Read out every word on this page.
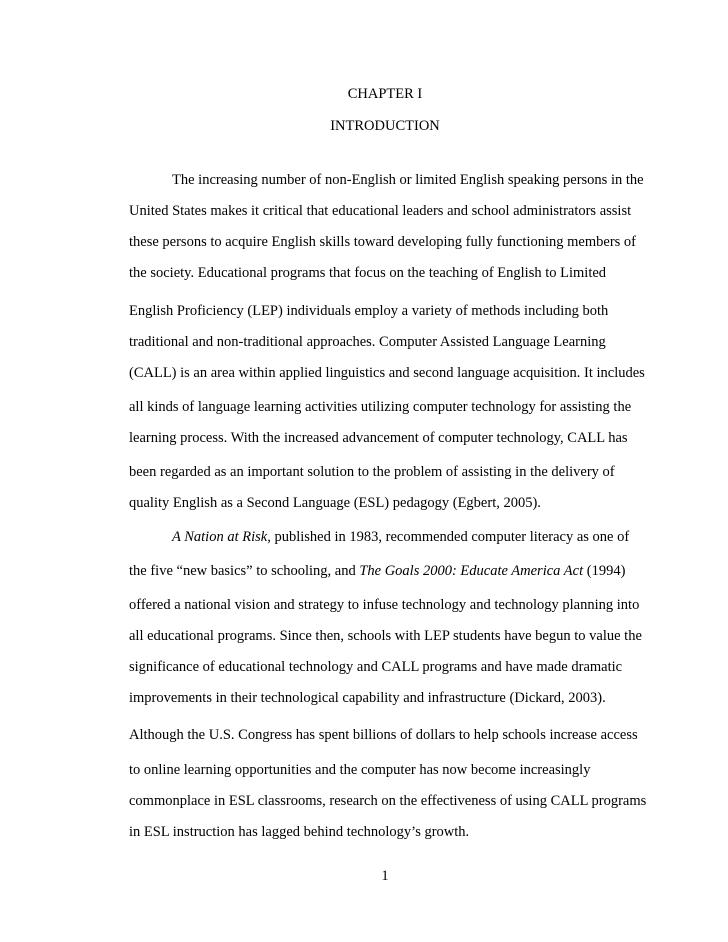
CHAPTER I
INTRODUCTION
The increasing number of non-English or limited English speaking persons in the
United States makes it critical that educational leaders and school administrators assist
these persons to acquire English skills toward developing fully functioning members of
the society. Educational programs that focus on the teaching of English to Limited
English Proficiency (LEP) individuals employ a variety of methods including both
traditional and non-traditional approaches. Computer Assisted Language Learning
(CALL) is an area within applied linguistics and second language acquisition. It includes
all kinds of language learning activities utilizing computer technology for assisting the
learning process. With the increased advancement of computer technology, CALL has
been regarded as an important solution to the problem of assisting in the delivery of
quality English as a Second Language (ESL) pedagogy (Egbert, 2005).
A Nation at Risk, published in 1983, recommended computer literacy as one of
the five “new basics” to schooling, and The Goals 2000: Educate America Act (1994)
offered a national vision and strategy to infuse technology and technology planning into
all educational programs. Since then, schools with LEP students have begun to value the
significance of educational technology and CALL programs and have made dramatic
improvements in their technological capability and infrastructure (Dickard, 2003).
Although the U.S. Congress has spent billions of dollars to help schools increase access
to online learning opportunities and the computer has now become increasingly
commonplace in ESL classrooms, research on the effectiveness of using CALL programs
in ESL instruction has lagged behind technology’s growth.
1
